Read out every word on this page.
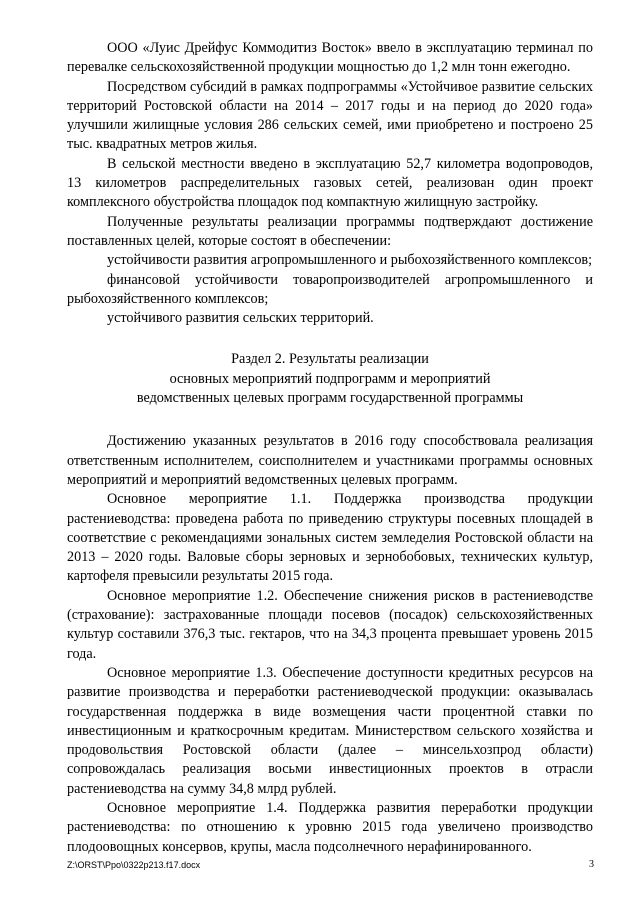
ООО «Луис Дрейфус Коммодитиз Восток» ввело в эксплуатацию терминал по перевалке сельскохозяйственной продукции мощностью до 1,2 млн тонн ежегодно.

Посредством субсидий в рамках подпрограммы «Устойчивое развитие сельских территорий Ростовской области на 2014 – 2017 годы и на период до 2020 года» улучшили жилищные условия 286 сельских семей, ими приобретено и построено 25 тыс. квадратных метров жилья.

В сельской местности введено в эксплуатацию 52,7 километра водопроводов, 13 километров распределительных газовых сетей, реализован один проект комплексного обустройства площадок под компактную жилищную застройку.

Полученные результаты реализации программы подтверждают достижение поставленных целей, которые состоят в обеспечении:

устойчивости развития агропромышленного и рыбохозяйственного комплексов;

финансовой устойчивости товаропроизводителей агропромышленного и рыбохозяйственного комплексов;

устойчивого развития сельских территорий.

Раздел 2. Результаты реализации
основных мероприятий подпрограмм и мероприятий
ведомственных целевых программ государственной программы

Достижению указанных результатов в 2016 году способствовала реализация ответственным исполнителем, соисполнителем и участниками программы основных мероприятий и мероприятий ведомственных целевых программ.

Основное мероприятие 1.1. Поддержка производства продукции растениеводства: проведена работа по приведению структуры посевных площадей в соответствие с рекомендациями зональных систем земледелия Ростовской области на 2013 – 2020 годы. Валовые сборы зерновых и зернобобовых, технических культур, картофеля превысили результаты 2015 года.

Основное мероприятие 1.2. Обеспечение снижения рисков в растениеводстве (страхование): застрахованные площади посевов (посадок) сельскохозяйственных культур составили 376,3 тыс. гектаров, что на 34,3 процента превышает уровень 2015 года.

Основное мероприятие 1.3. Обеспечение доступности кредитных ресурсов на развитие производства и переработки растениеводческой продукции: оказывалась государственная поддержка в виде возмещения части процентной ставки по инвестиционным и краткосрочным кредитам. Министерством сельского хозяйства и продовольствия Ростовской области (далее – минсельхозпрод области) сопровождалась реализация восьми инвестиционных проектов в отрасли растениеводства на сумму 34,8 млрд рублей.

Основное мероприятие 1.4. Поддержка развития переработки продукции растениеводства: по отношению к уровню 2015 года увеличено производство плодоовощных консервов, крупы, масла подсолнечного нерафинированного.

Z:\ORST\Ppo\0322p213.f17.docx	3
